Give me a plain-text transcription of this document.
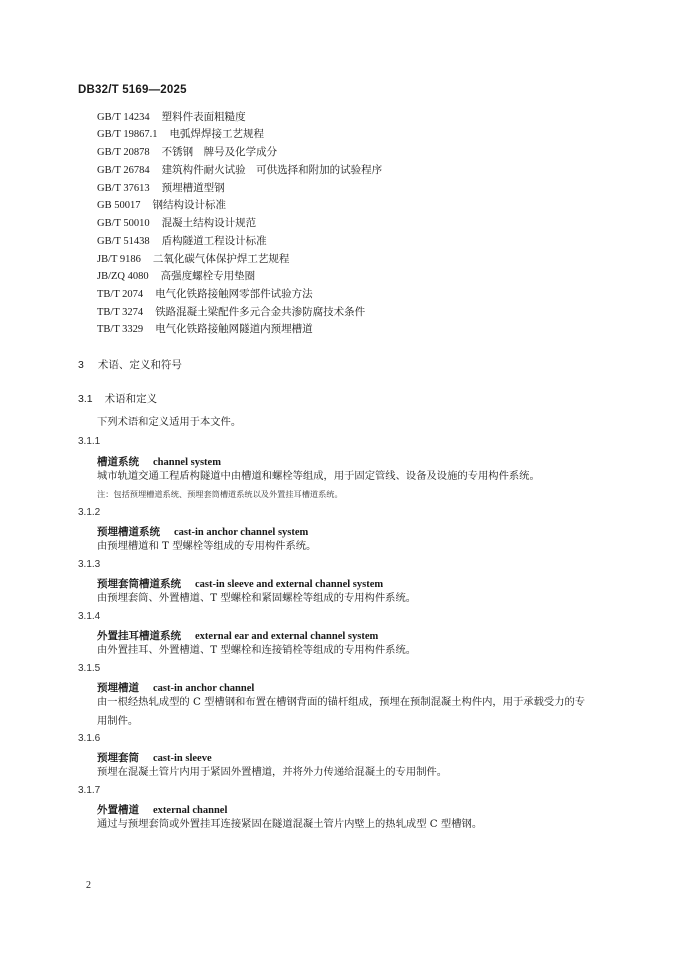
DB32/T 5169—2025
GB/T 14234 塑料件表面粗糙度
GB/T 19867.1 电弧焊焊接工艺规程
GB/T 20878 不锈钢　牌号及化学成分
GB/T 26784 建筑构件耐火试验　可供选择和附加的试验程序
GB/T 37613 预埋槽道型钢
GB 50017 钢结构设计标准
GB/T 50010 混凝土结构设计规范
GB/T 51438 盾构隧道工程设计标准
JB/T 9186 二氧化碳气体保护焊工艺规程
JB/ZQ 4080 高强度螺栓专用垫圈
TB/T 2074 电气化铁路接触网零部件试验方法
TB/T 3274 铁路混凝土梁配件多元合金共渗防腐技术条件
TB/T 3329 电气化铁路接触网隧道内预埋槽道
3 术语、定义和符号
3.1 术语和定义
下列术语和定义适用于本文件。
3.1.1
槽道系统 channel system
城市轨道交通工程盾构隧道中由槽道和螺栓等组成，用于固定管线、设备及设施的专用构件系统。
注：包括预埋槽道系统、预埋套筒槽道系统以及外置挂耳槽道系统。
3.1.2
预埋槽道系统 cast-in anchor channel system
由预埋槽道和 T 型螺栓等组成的专用构件系统。
3.1.3
预埋套筒槽道系统 cast-in sleeve and external channel system
由预埋套筒、外置槽道、T 型螺栓和紧固螺栓等组成的专用构件系统。
3.1.4
外置挂耳槽道系统 external ear and external channel system
由外置挂耳、外置槽道、T 型螺栓和连接销栓等组成的专用构件系统。
3.1.5
预埋槽道 cast-in anchor channel
由一根经热轧成型的 C 型槽钢和布置在槽钢背面的锚杆组成，预埋在预制混凝土构件内，用于承载受力的专用制件。
3.1.6
预埋套筒 cast-in sleeve
预埋在混凝土管片内用于紧固外置槽道，并将外力传递给混凝土的专用制件。
3.1.7
外置槽道 external channel
通过与预埋套筒或外置挂耳连接紧固在隧道混凝土管片内壁上的热轧成型 C 型槽钢。
2
